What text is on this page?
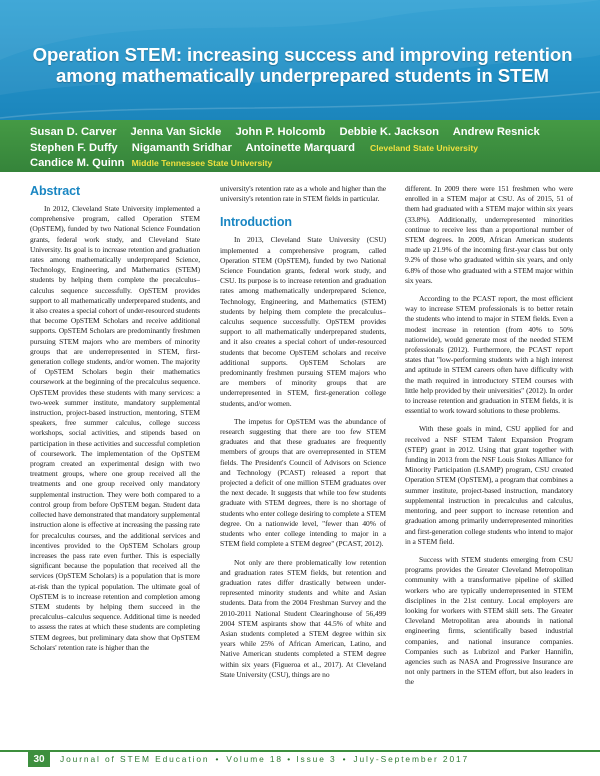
Operation STEM: increasing success and improving retention among mathematically underprepared students in STEM
Susan D. Carver Jenna Van Sickle John P. Holcomb Debbie K. Jackson Andrew Resnick
Stephen F. Duffy Nigamanth Sridhar Antoinette Marquard Cleveland State University
Candice M. Quinn Middle Tennessee State University
Abstract

In 2012, Cleveland State University implemented a comprehensive program, called Operation STEM (OpSTEM), funded by two National Science Foundation grants, federal work study, and Cleveland State University. Its goal is to increase retention and graduation rates among mathematically underprepared Science, Technology, Engineering, and Mathematics (STEM) students by helping them complete the precalculus–calculus sequence successfully. OpSTEM provides support to all mathematically underprepared students, and it also creates a special cohort of under-resourced students that become OpSTEM Scholars and receive additional supports. OpSTEM Scholars are predominantly freshmen pursuing STEM majors who are members of minority groups that are underrepresented in STEM, first-generation college students, and/or women. The majority of OpSTEM Scholars begin their mathematics coursework at the beginning of the precalculus sequence. OpSTEM provides these students with many services: a two-week summer institute, mandatory supplemental instruction, project-based instruction, mentoring, STEM speakers, free summer calculus, college success workshops, social activities, and stipends based on participation in these activities and successful completion of coursework. The implementation of the OpSTEM program created an experimental design with two treatment groups, where one group received all the treatments and one group received only mandatory supplemental instruction. They were both compared to a control group from before OpSTEM began. Student data collected have demonstrated that mandatory supplemental instruction alone is effective at increasing the passing rate for precalculus courses, and the additional services and incentives provided to the OpSTEM Scholars group increases the pass rate even further. This is especially significant because the population that received all the services (OpSTEM Scholars) is a population that is more at-risk than the typical population. The ultimate goal of OpSTEM is to increase retention and completion among STEM students by helping them succeed in the precalculus–calculus sequence. Additional time is needed to assess the rates at which these students are completing STEM degrees, but preliminary data show that OpSTEM Scholars' retention rate is higher than the

university's retention rate as a whole and higher than the university's retention rate in STEM fields in particular.

Introduction

In 2013, Cleveland State University (CSU) implemented a comprehensive program, called Operation STEM (OpSTEM), funded by two National Science Foundation grants, federal work study, and CSU. Its purpose is to increase retention and graduation rates among mathematically underprepared Science, Technology, Engineering, and Mathematics (STEM) students by helping them complete the precalculus–calculus sequence successfully. OpSTEM provides support to all mathematically underprepared students, and it also creates a special cohort of under-resourced students that become OpSTEM scholars and receive additional supports. OpSTEM Scholars are predominantly freshmen pursuing STEM majors who are members of minority groups that are underrepresented in STEM, first-generation college students, and/or women.

The impetus for OpSTEM was the abundance of research suggesting that there are too few STEM graduates and that these graduates are frequently members of groups that are overrepresented in STEM fields. The President's Council of Advisors on Science and Technology (PCAST) released a report that projected a deficit of one million STEM graduates over the next decade. It suggests that while too few students graduate with STEM degrees, there is no shortage of students who enter college desiring to complete a STEM degree. On a nationwide level, "fewer than 40% of students who enter college intending to major in a STEM field complete a STEM degree" (PCAST, 2012).

Not only are there problematically low retention and graduation rates STEM fields, but retention and graduation rates differ drastically between under-represented minority students and white and Asian students. Data from the 2004 Freshman Survey and the 2010-2011 National Student Clearinghouse of 56,499 2004 STEM aspirants show that 44.5% of white and Asian students completed a STEM degree within six years while 25% of African American, Latino, and Native American students completed a STEM degree within six years (Figueroa et al., 2017). At Cleveland State University (CSU), things are no

different. In 2009 there were 151 freshmen who were enrolled in a STEM major at CSU. As of 2015, 51 of them had graduated with a STEM major within six years (33.8%). Additionally, underrepresented minorities continue to receive less than a proportional number of STEM degrees. In 2009, African American students made up 21.9% of the incoming first-year class but only 9.2% of those who graduated within six years, and only 6.8% of those who graduated with a STEM major within six years.

According to the PCAST report, the most efficient way to increase STEM professionals is to better retain the students who intend to major in STEM fields. Even a modest increase in retention (from 40% to 50% nationwide), would generate most of the needed STEM professionals (2012). Furthermore, the PCAST report states that "low-performing students with a high interest and aptitude in STEM careers often have difficulty with the math required in introductory STEM courses with little help provided by their universities" (2012). In order to increase retention and graduation in STEM fields, it is essential to work toward solutions to these problems.

With these goals in mind, CSU applied for and received a NSF STEM Talent Expansion Program (STEP) grant in 2012. Using that grant together with funding in 2013 from the NSF Louis Stokes Alliance for Minority Participation (LSAMP) program, CSU created Operation STEM (OpSTEM), a program that combines a summer institute, project-based instruction, mandatory supplemental instruction in precalculus and calculus, mentoring, and peer support to increase retention and graduation among primarily underrepresented minorities and first-generation college students who intend to major in a STEM field.

Success with STEM students emerging from CSU programs provides the Greater Cleveland Metropolitan community with a transformative pipeline of skilled workers who are typically underrepresented in STEM disciplines in the 21st century. Local employers are looking for workers with STEM skill sets. The Greater Cleveland Metropolitan area abounds in national engineering firms, scientifically based industrial companies, and national insurance companies. Companies such as Lubrizol and Parker Hannifin, agencies such as NASA and Progressive Insurance are not only partners in the STEM effort, but also leaders in the

30	Journal of STEM Education • Volume 18 • Issue 3 • July-September 2017
